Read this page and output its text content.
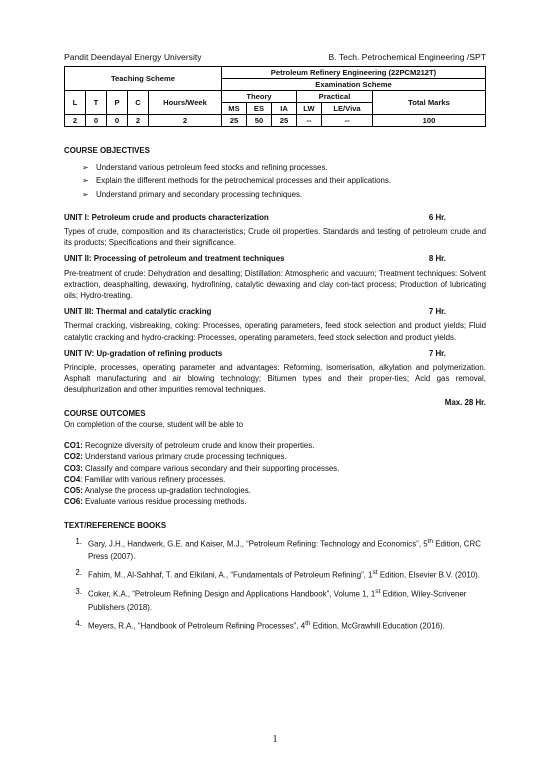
Pandit Deendayal Energy University	B. Tech. Petrochemical Engineering /SPT
Teaching Scheme					Petroleum Refinery Engineering (22PCM212T)					
					Examination Scheme					
L	T	P	C	Hours/Week	Theory			Practical		Total Marks
					MS	ES	IA	LW	LE/Viva	
2	0	0	2	2	25	50	25	--	--	100

COURSE OBJECTIVES

➢ Understand various petroleum feed stocks and refining processes.
➢ Explain the different methods for the petrochemical processes and their applications.
➢ Understand primary and secondary processing techniques.
UNIT I: Petroleum crude and products characterization	6 Hr.

Types of crude, composition and its characteristics; Crude oil properties. Standards and testing of petroleum crude and its products; Specifications and their significance.

UNIT II: Processing of petroleum and treatment techniques	8 Hr.

Pre-treatment of crude: Dehydration and desalting; Distillation: Atmospheric and vacuum; Treatment techniques: Solvent extraction, deasphalting, dewaxing, hydrofining, catalytic dewaxing and clay con-tact process; Production of lubricating oils; Hydro-treating.

UNIT III: Thermal and catalytic cracking	7 Hr.

Thermal cracking, visbreaking, coking: Processes, operating parameters, feed stock selection and product yields; Fluid catalytic cracking and hydro-cracking: Processes, operating parameters, feed stock selection and product yields.

UNIT IV: Up-gradation of refining products	7 Hr.

Principle, processes, operating parameter and advantages: Reforming, isomerisation, alkylation and polymerization. Asphalt manufacturing and air blowing technology; Bitumen types and their proper-ties; Acid gas removal, desulphurization and other impurities removal techniques.

Max. 28 Hr.

COURSE OUTCOMES

On completion of the course, student will be able to

CO1: Recognize diversity of petroleum crude and know their properties.
CO2: Understand various primary crude processing techniques.
CO3: Classify and compare various secondary and their supporting processes.
CO4: Familiar with various refinery processes.
CO5: Analyse the process up-gradation technologies.
CO6: Evaluate various residue processing methods.

TEXT/REFERENCE BOOKS

1. Gary, J.H., Handwerk, G.E. and Kaiser, M.J., “Petroleum Refining: Technology and Economics”, 5th Edition, CRC Press (2007).
2. Fahim, M., Al-Sahhaf, T. and Elkilani, A., “Fundamentals of Petroleum Refining”, 1st Edition, Elsevier B.V. (2010).
3. Coker, K.A., “Petroleum Refining Design and Applications Handbook”, Volume 1, 1st Edition, Wiley-Scrivener Publishers (2018).
4. Meyers, R.A., “Handbook of Petroleum Refining Processes”, 4th Edition, McGrawhill Education (2016).
1
